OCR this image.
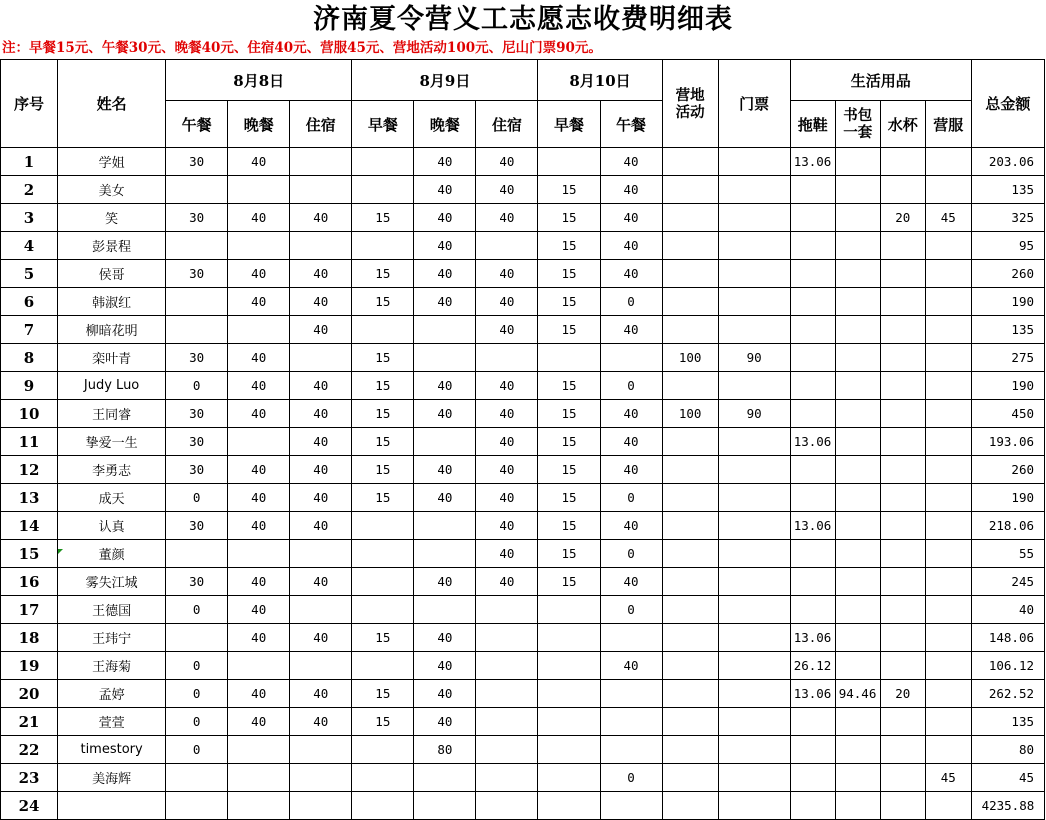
济南夏令营义工志愿志收费明细表
注：早餐15元、午餐30元、晚餐40元、住宿40元、营服45元、营地活动100元、尼山门票90元。
序号	姓名	8月8日			8月9日			8月10日		营地活动	门票	生活用品				总金额
		午餐	晚餐	住宿	早餐	晚餐	住宿	早餐	午餐			拖鞋	书包一套	水杯	营服	
1	学姐	30	40			40	40		40			13.06				203.06
2	美女					40	40	15	40							135
3	笑	30	40	40	15	40	40	15	40					20	45	325
4	彭景程					40		15	40							95
5	侯哥	30	40	40	15	40	40	15	40							260
6	韩淑红		40	40	15	40	40	15	0							190
7	柳暗花明			40			40	15	40							135
8	栾叶青	30	40		15					100	90					275
9	Judy Luo	0	40	40	15	40	40	15	0							190
10	王同睿	30	40	40	15	40	40	15	40	100	90					450
11	挚爱一生	30		40	15		40	15	40			13.06				193.06
12	李勇志	30	40	40	15	40	40	15	40							260
13	成天	0	40	40	15	40	40	15	0							190
14	认真	30	40	40			40	15	40			13.06				218.06
15	董颜						40	15	0							55
16	雾失江城	30	40	40		40	40	15	40							245
17	王德国	0	40						0							40
18	王玮宁		40	40	15	40						13.06				148.06
19	王海菊	0				40			40			26.12				106.12
20	孟婷	0	40	40	15	40						13.06	94.46	20		262.52
21	萱萱	0	40	40	15	40										135
22	timestory	0				80										80
23	美海辉								0						45	45
24																4235.88
